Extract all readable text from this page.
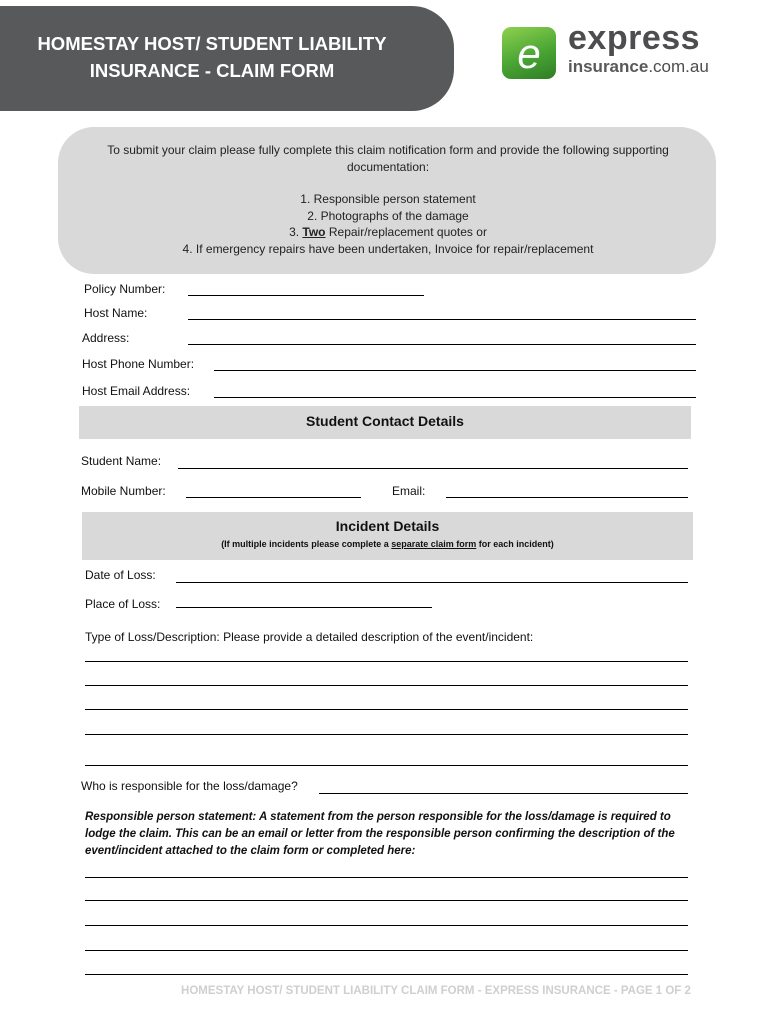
HOMESTAY HOST/ STUDENT LIABILITY
INSURANCE - CLAIM FORM	e express
insurance.com.au
To submit your claim please fully complete this claim notification form and provide the following supporting documentation:
1. Responsible person statement
2. Photographs of the damage
3. Two Repair/replacement quotes or
4. If emergency repairs have been undertaken, Invoice for repair/replacement
Policy Number:
Host Name:
Address:
Host Phone Number:
Host Email Address:
Student Contact Details
Student Name:
Mobile Number:	Email:
Incident Details
(If multiple incidents please complete a separate claim form for each incident)
Date of Loss:
Place of Loss:
Type of Loss/Description: Please provide a detailed description of the event/incident:
Who is responsible for the loss/damage?
Responsible person statement: A statement from the person responsible for the loss/damage is required to lodge the claim. This can be an email or letter from the responsible person confirming the description of the event/incident attached to the claim form or completed here:
HOMESTAY HOST/ STUDENT LIABILITY CLAIM FORM - EXPRESS INSURANCE - PAGE 1 OF 2
